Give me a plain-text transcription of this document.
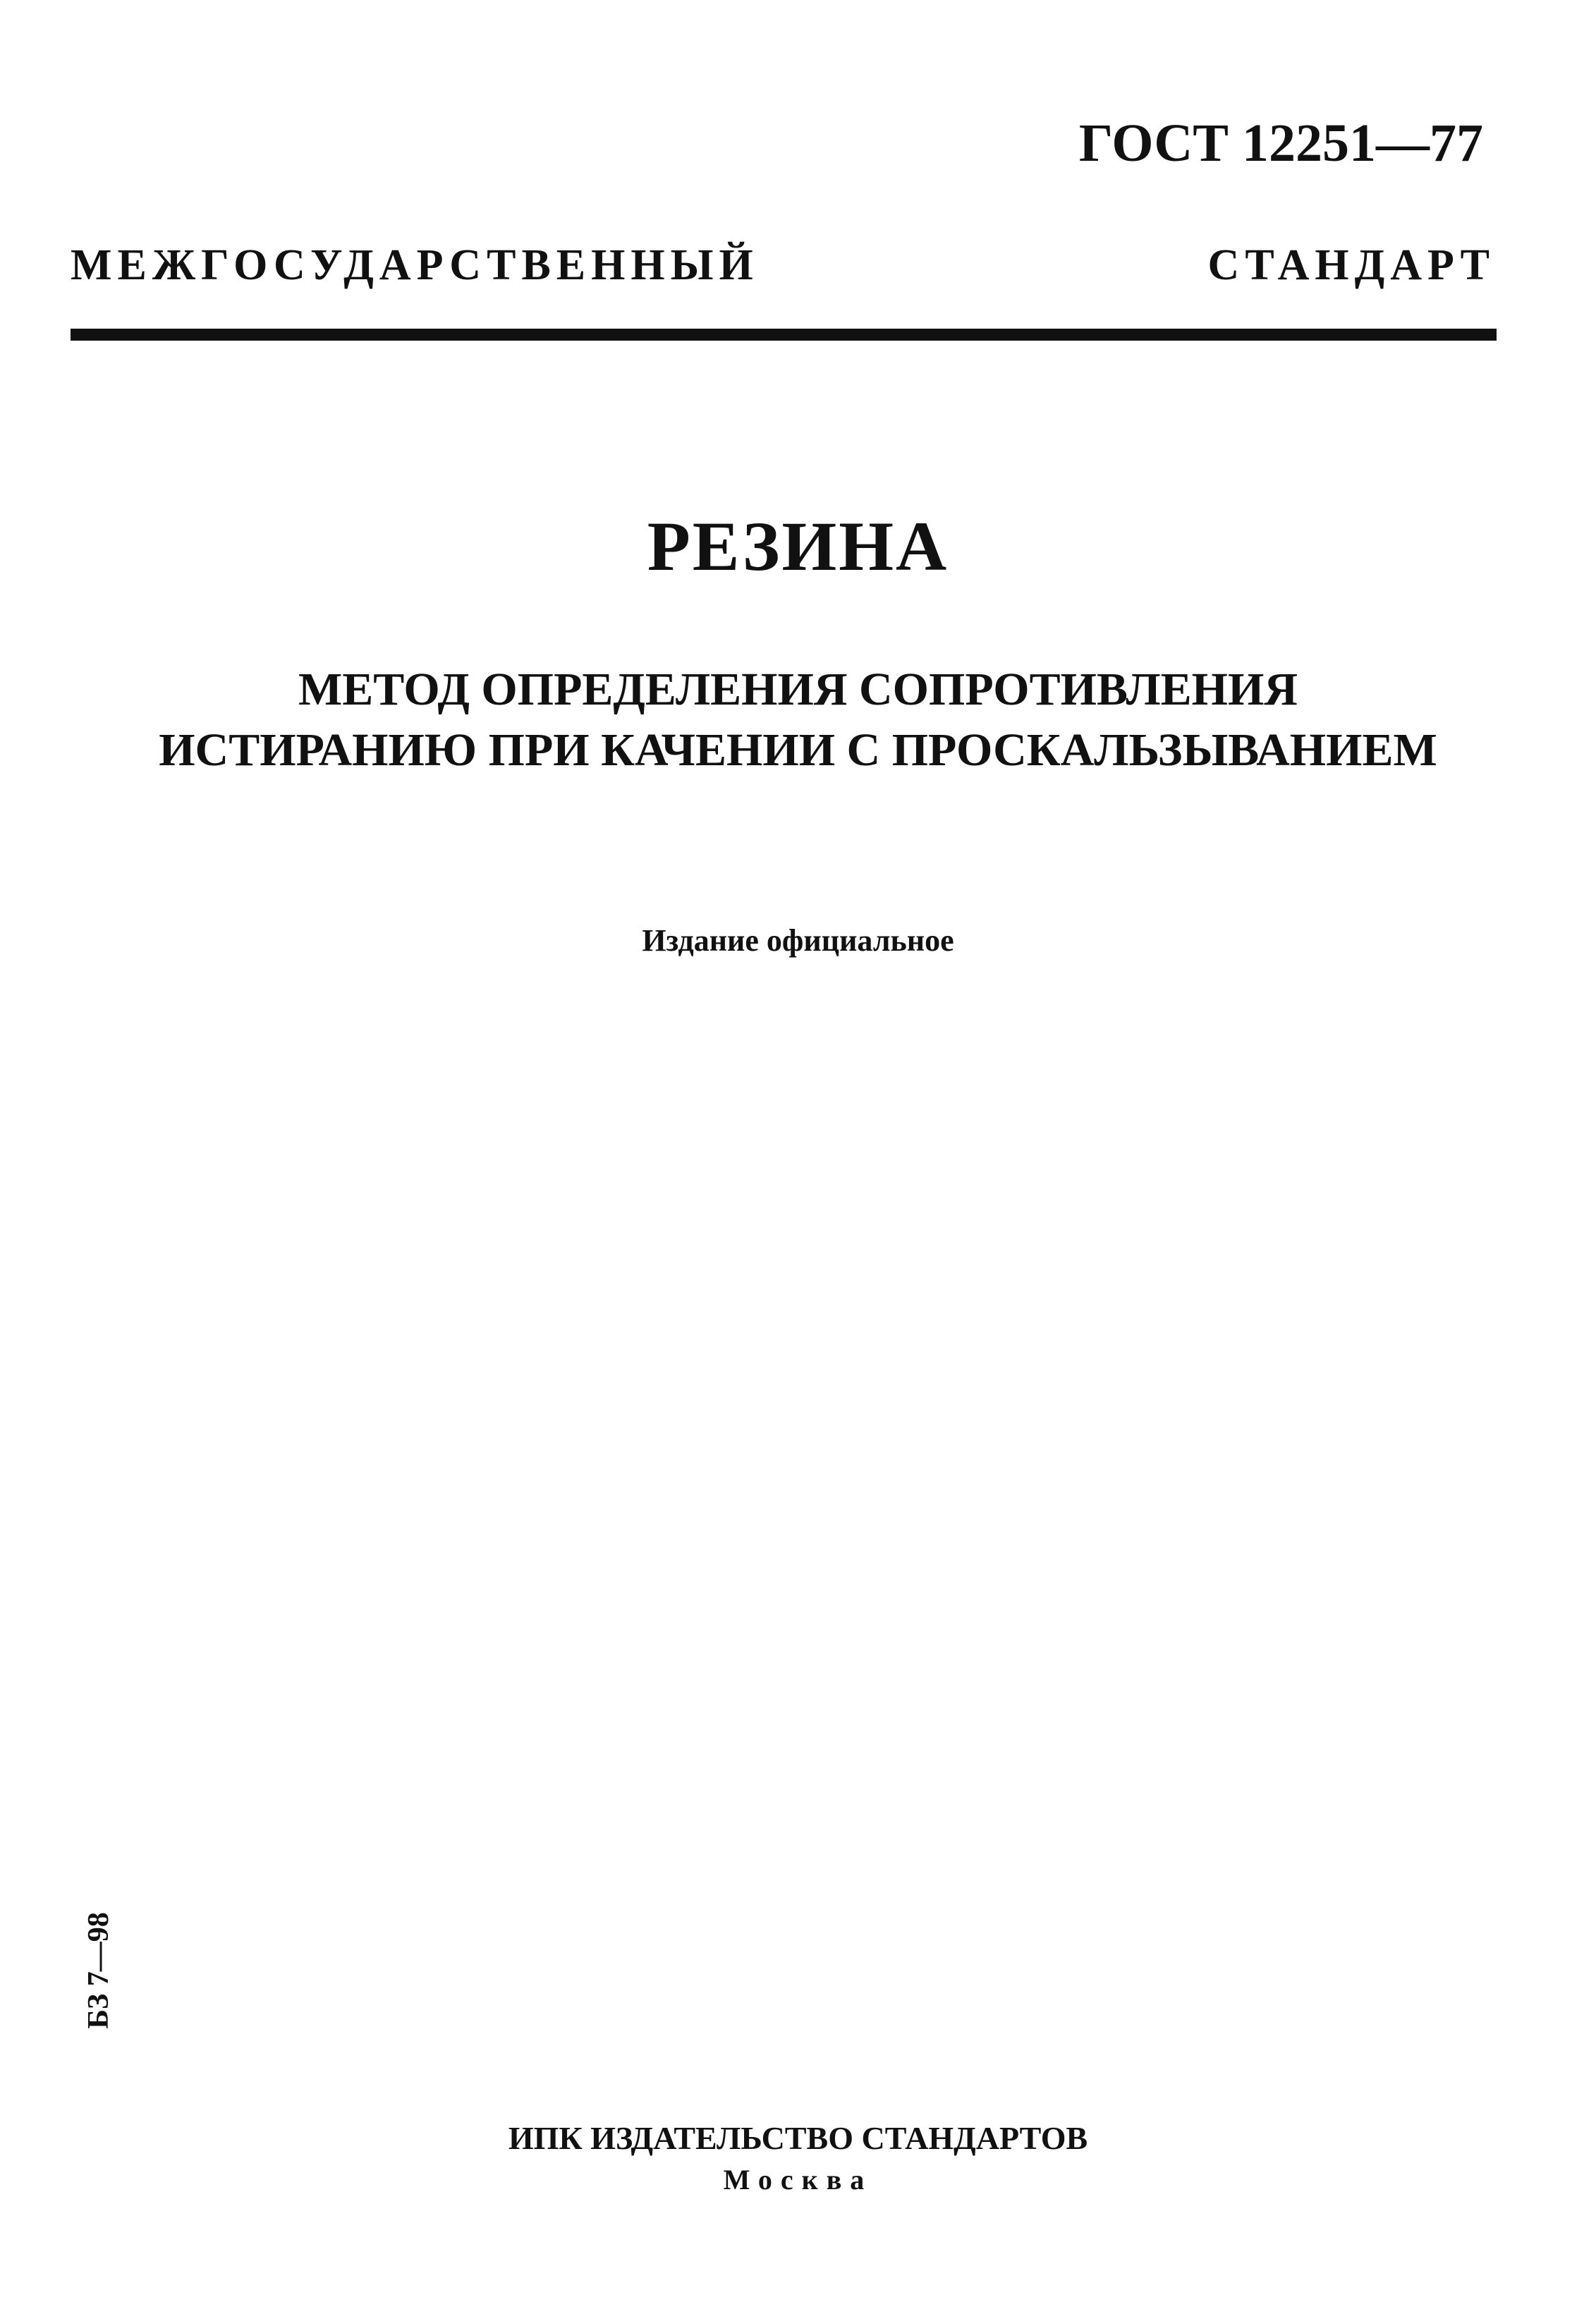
ГОСТ 12251—77

МЕЖГОСУДАРСТВЕННЫЙ СТАНДАРТ

РЕЗИНА
МЕТОД ОПРЕДЕЛЕНИЯ СОПРОТИВЛЕНИЯ
ИСТИРАНИЮ ПРИ КАЧЕНИИ С ПРОСКАЛЬЗЫВАНИЕМ

Издание официальное

БЗ 7—98

ИПК ИЗДАТЕЛЬСТВО СТАНДАРТОВ

Москва
